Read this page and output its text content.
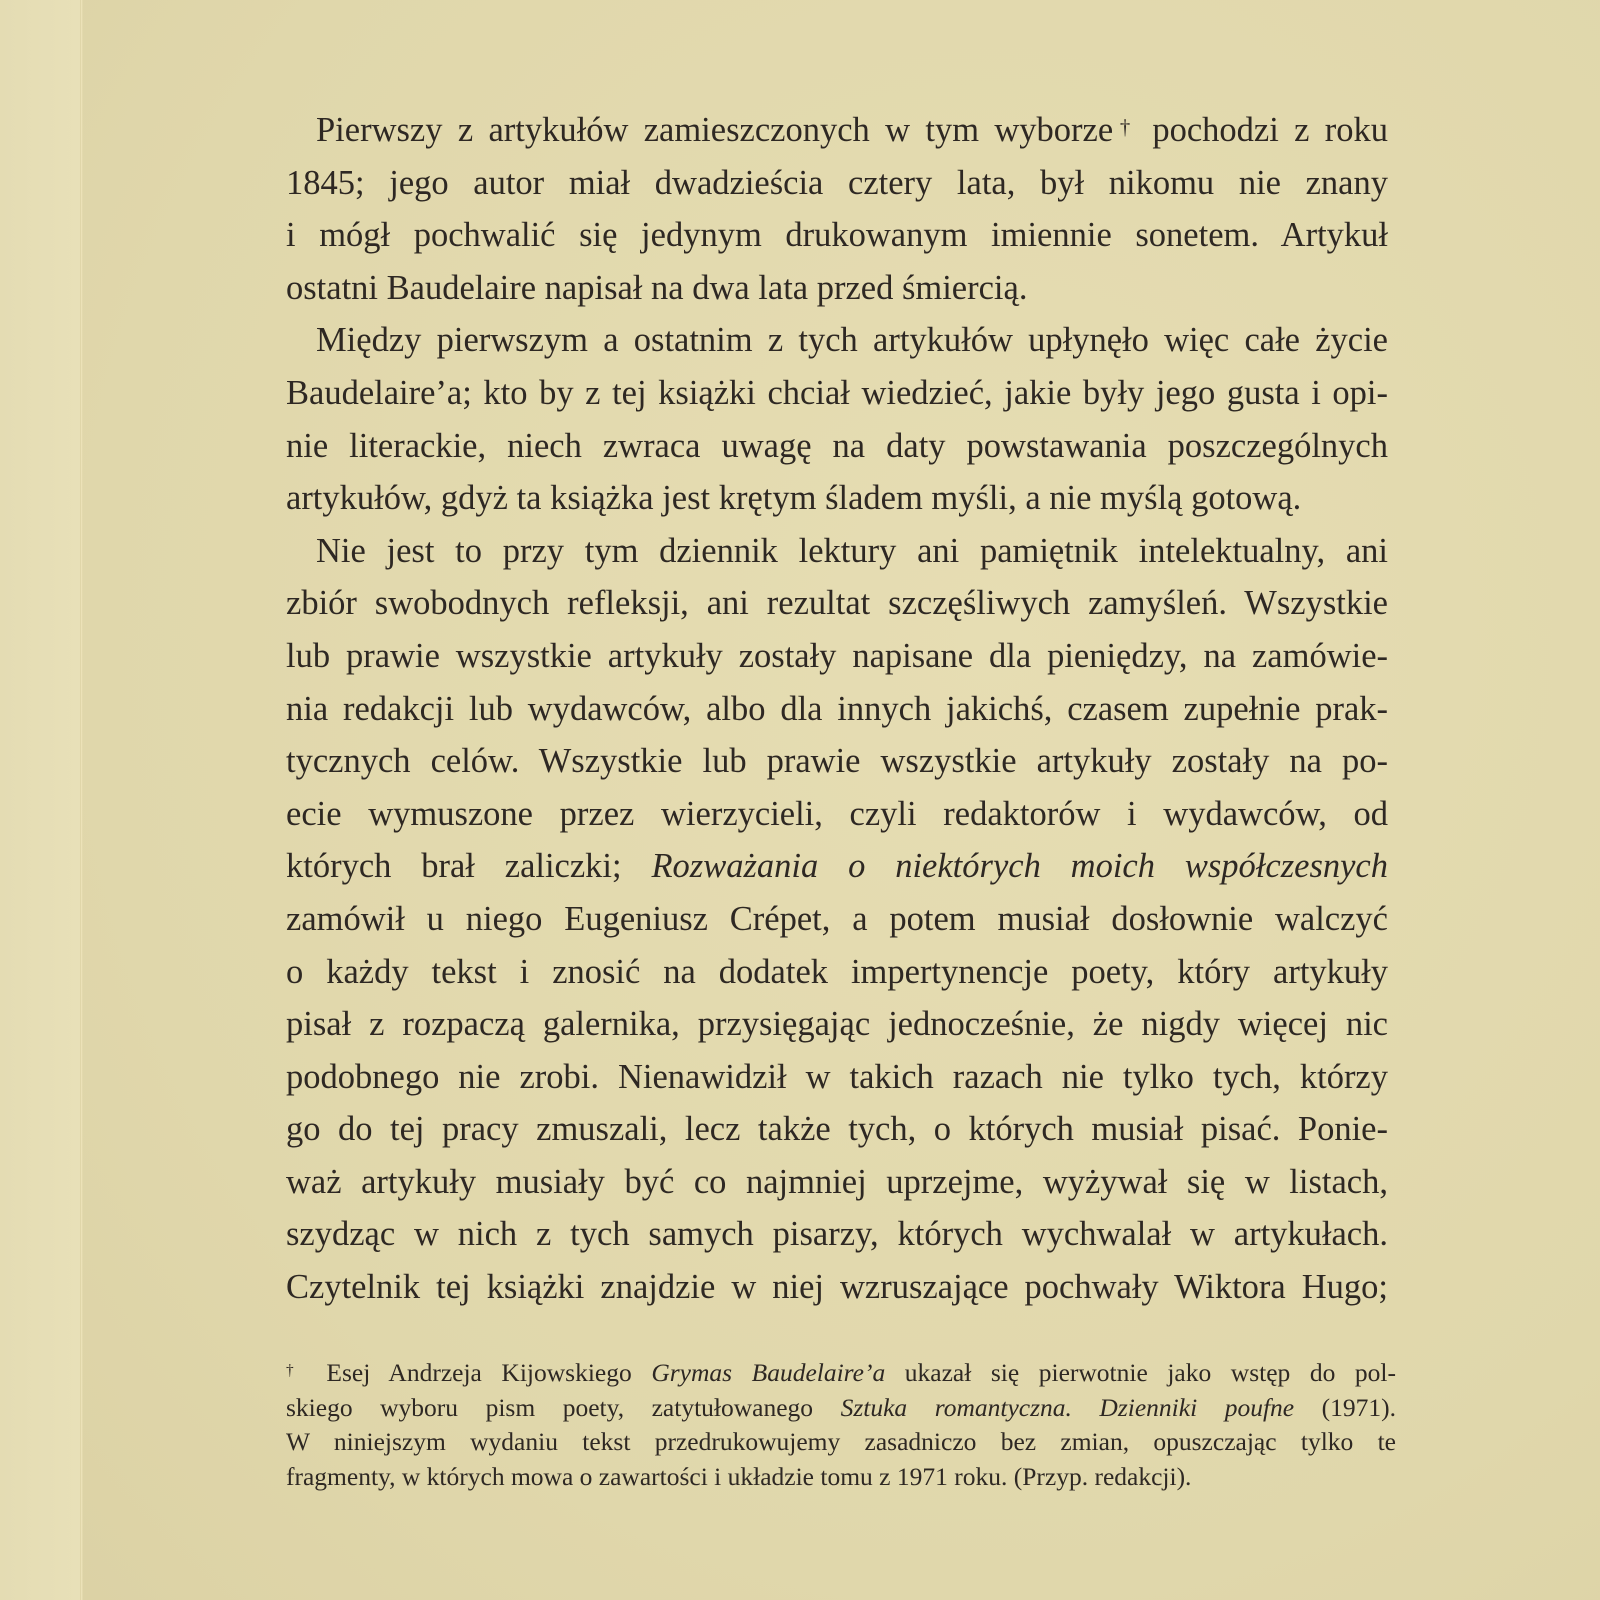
Pierwszy z artykułów zamieszczonych w tym wyborze† pochodzi z roku
1845; jego autor miał dwadzieścia cztery lata, był nikomu nie znany
i mógł pochwalić się jedynym drukowanym imiennie sonetem. Artykuł
ostatni Baudelaire napisał na dwa lata przed śmiercią.

Między pierwszym a ostatnim z tych artykułów upłynęło więc całe życie
Baudelaire’a; kto by z tej książki chciał wiedzieć, jakie były jego gusta i opi-
nie literackie, niech zwraca uwagę na daty powstawania poszczególnych
artykułów, gdyż ta książka jest krętym śladem myśli, a nie myślą gotową.

Nie jest to przy tym dziennik lektury ani pamiętnik intelektualny, ani
zbiór swobodnych refleksji, ani rezultat szczęśliwych zamyśleń. Wszystkie
lub prawie wszystkie artykuły zostały napisane dla pieniędzy, na zamówie-
nia redakcji lub wydawców, albo dla innych jakichś, czasem zupełnie prak-
tycznych celów. Wszystkie lub prawie wszystkie artykuły zostały na po-
ecie wymuszone przez wierzycieli, czyli redaktorów i wydawców, od
których brał zaliczki; Rozważania o niektórych moich współczesnych
zamówił u niego Eugeniusz Crépet, a potem musiał dosłownie walczyć
o każdy tekst i znosić na dodatek impertynencje poety, który artykuły
pisał z rozpaczą galernika, przysięgając jednocześnie, że nigdy więcej nic
podobnego nie zrobi. Nienawidził w takich razach nie tylko tych, którzy
go do tej pracy zmuszali, lecz także tych, o których musiał pisać. Ponie-
waż artykuły musiały być co najmniej uprzejme, wyżywał się w listach,
szydząc w nich z tych samych pisarzy, których wychwalał w artykułach.
Czytelnik tej książki znajdzie w niej wzruszające pochwały Wiktora Hugo;

† Esej Andrzeja Kijowskiego Grymas Baudelaire’a ukazał się pierwotnie jako wstęp do pol-
skiego wyboru pism poety, zatytułowanego Sztuka romantyczna. Dzienniki poufne (1971).
W niniejszym wydaniu tekst przedrukowujemy zasadniczo bez zmian, opuszczając tylko te
fragmenty, w których mowa o zawartości i układzie tomu z 1971 roku. (Przyp. redakcji).
